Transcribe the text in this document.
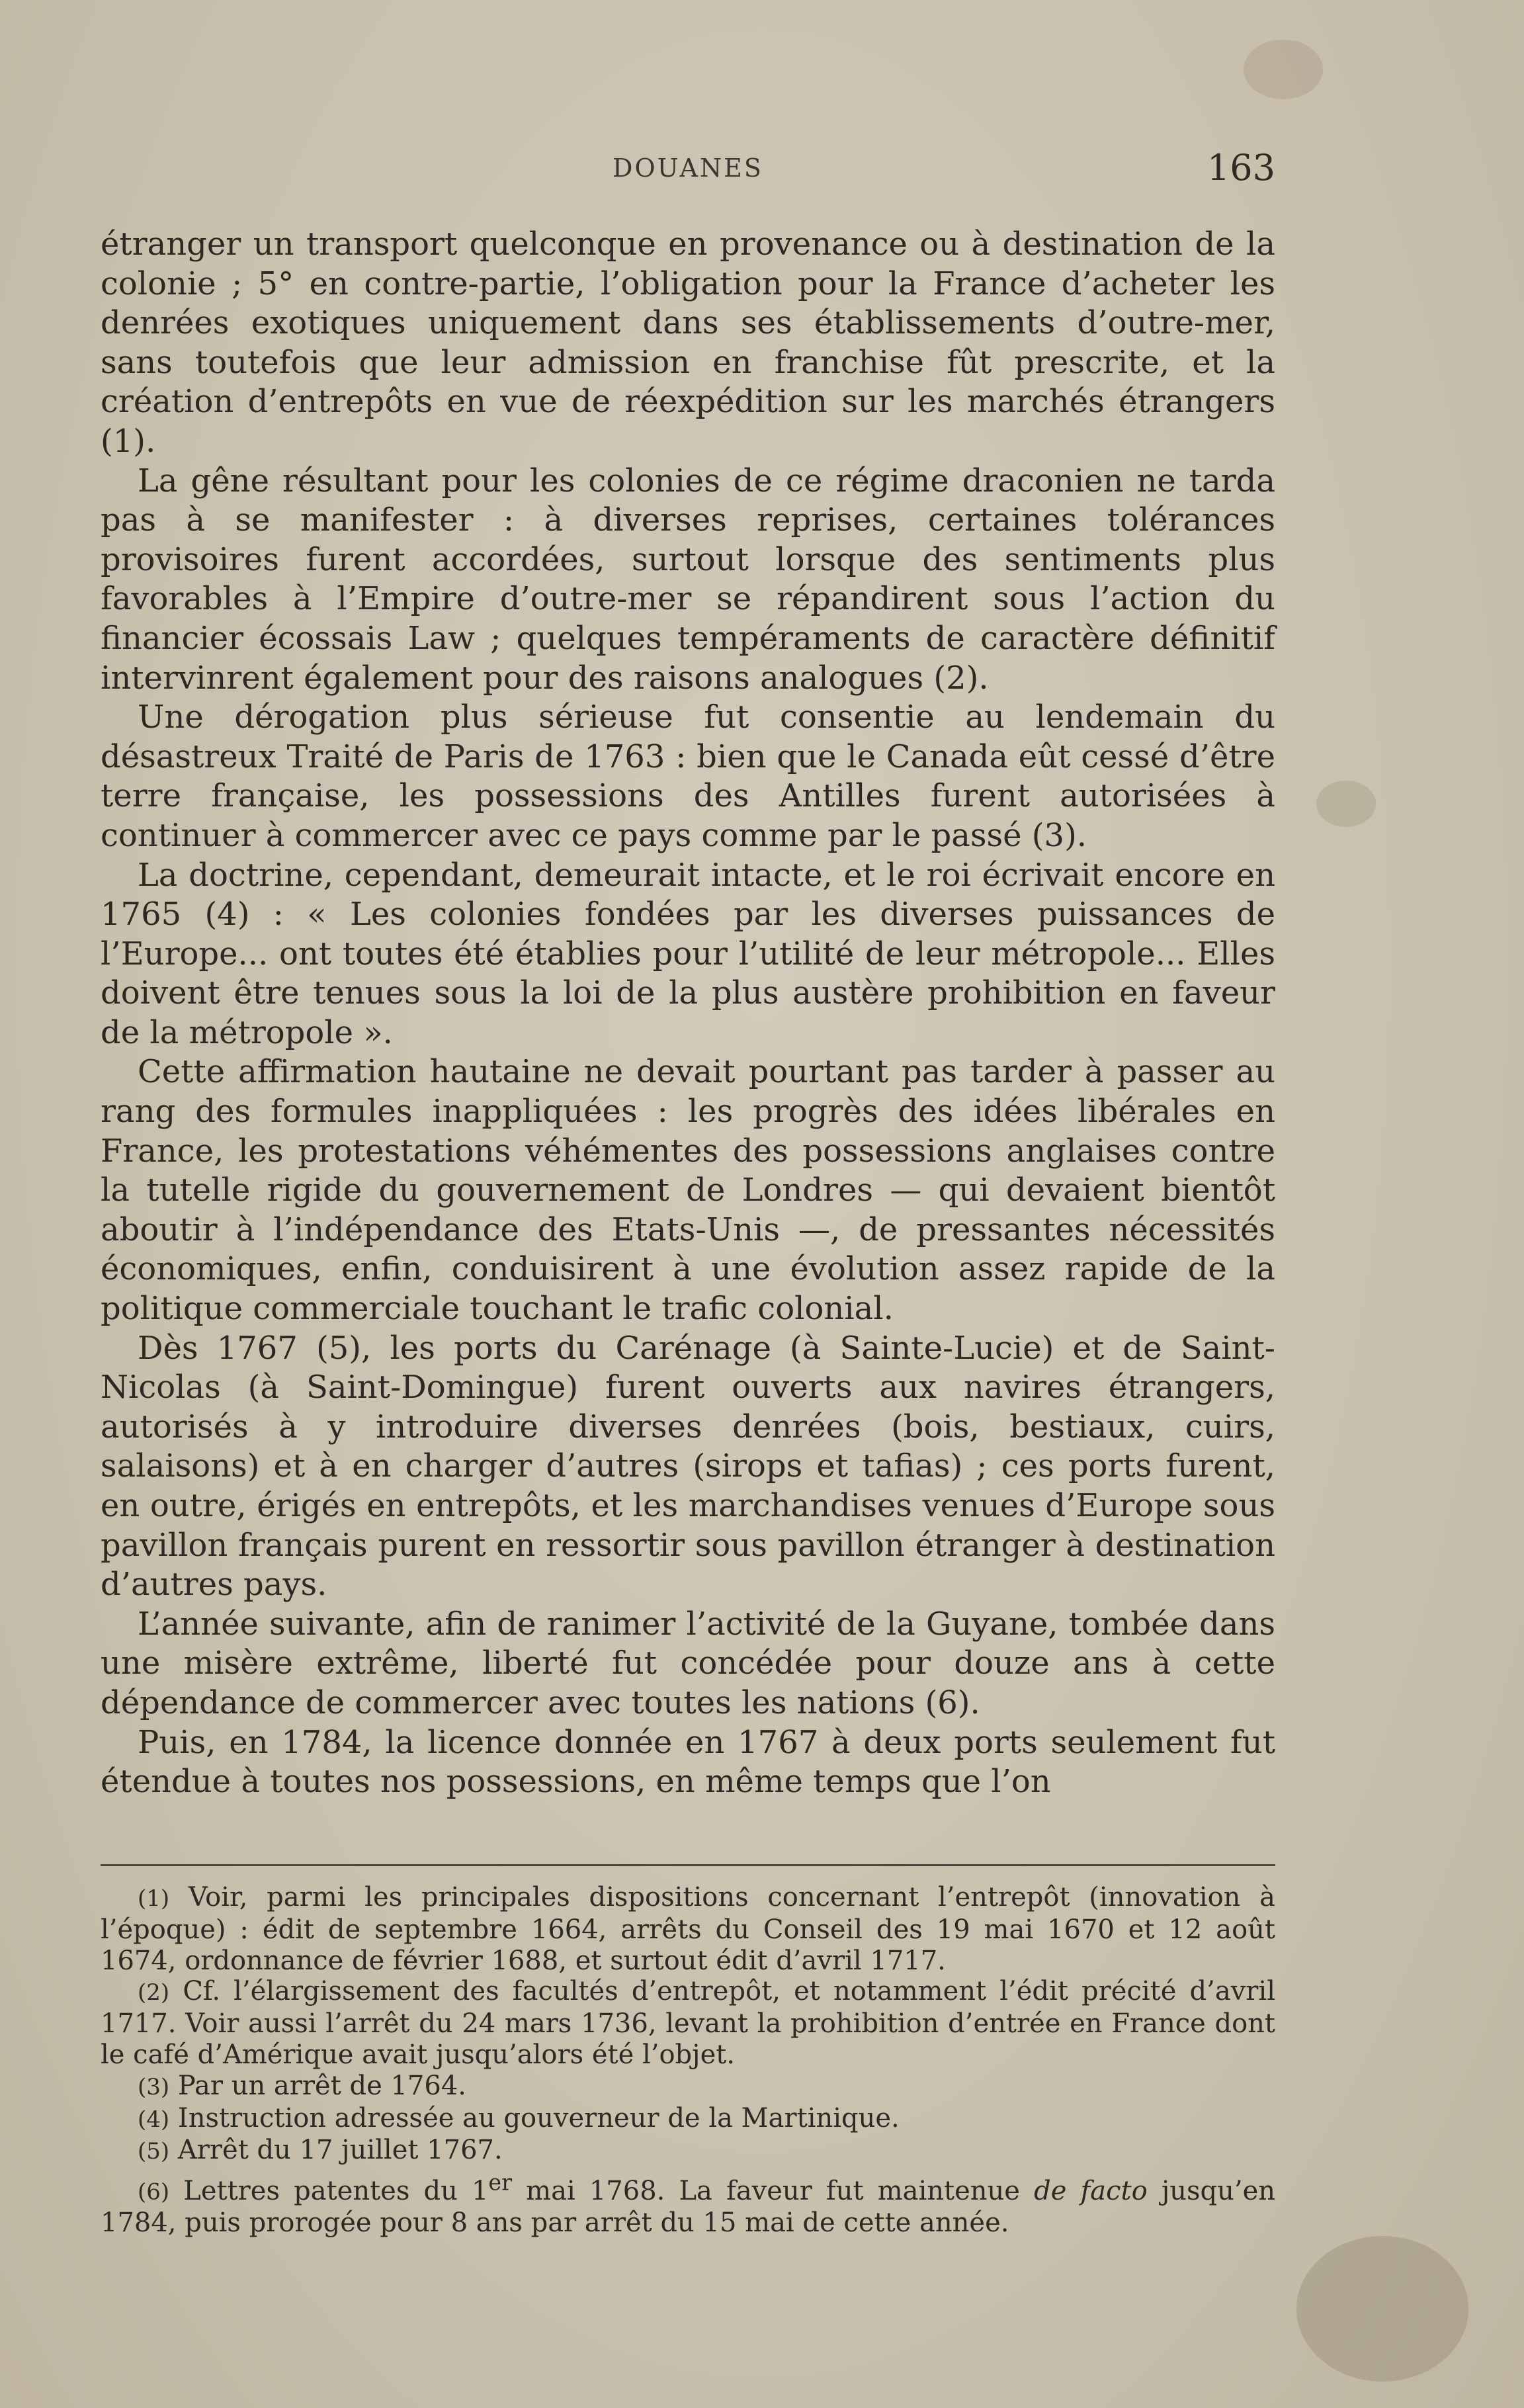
DOUANES	163

étranger un transport quelconque en provenance ou à destination de la colonie ; 5° en contre-partie, l’obligation pour la France d’acheter les denrées exotiques uniquement dans ses établissements d’outre-mer, sans toutefois que leur admission en franchise fût prescrite, et la création d’entrepôts en vue de réexpédition sur les marchés étrangers (1).

La gêne résultant pour les colonies de ce régime draconien ne tarda pas à se manifester : à diverses reprises, certaines tolérances provisoires furent accordées, surtout lorsque des sentiments plus favorables à l’Empire d’outre-mer se répandirent sous l’action du financier écossais Law ; quelques tempéraments de caractère définitif intervinrent également pour des raisons analogues (2).

Une dérogation plus sérieuse fut consentie au lendemain du désastreux Traité de Paris de 1763 : bien que le Canada eût cessé d’être terre française, les possessions des Antilles furent autorisées à continuer à commercer avec ce pays comme par le passé (3).

La doctrine, cependant, demeurait intacte, et le roi écrivait encore en 1765 (4) : « Les colonies fondées par les diverses puissances de l’Europe... ont toutes été établies pour l’utilité de leur métropole... Elles doivent être tenues sous la loi de la plus austère prohibition en faveur de la métropole ».

Cette affirmation hautaine ne devait pourtant pas tarder à passer au rang des formules inappliquées : les progrès des idées libérales en France, les protestations véhémentes des possessions anglaises contre la tutelle rigide du gouvernement de Londres — qui devaient bientôt aboutir à l’indépendance des Etats-Unis —, de pressantes nécessités économiques, enfin, conduisirent à une évolution assez rapide de la politique commerciale touchant le trafic colonial.

Dès 1767 (5), les ports du Carénage (à Sainte-Lucie) et de Saint-Nicolas (à Saint-Domingue) furent ouverts aux navires étrangers, autorisés à y introduire diverses denrées (bois, bestiaux, cuirs, salaisons) et à en charger d’autres (sirops et tafias) ; ces ports furent, en outre, érigés en entrepôts, et les marchandises venues d’Europe sous pavillon français purent en ressortir sous pavillon étranger à destination d’autres pays.

L’année suivante, afin de ranimer l’activité de la Guyane, tombée dans une misère extrême, liberté fut concédée pour douze ans à cette dépendance de commercer avec toutes les nations (6).

Puis, en 1784, la licence donnée en 1767 à deux ports seulement fut étendue à toutes nos possessions, en même temps que l’on

(1) Voir, parmi les principales dispositions concernant l’entrepôt (innovation à l’époque) : édit de septembre 1664, arrêts du Conseil des 19 mai 1670 et 12 août 1674, ordonnance de février 1688, et surtout édit d’avril 1717.

(2) Cf. l’élargissement des facultés d’entrepôt, et notamment l’édit précité d’avril 1717. Voir aussi l’arrêt du 24 mars 1736, levant la prohibition d’entrée en France dont le café d’Amérique avait jusqu’alors été l’objet.

(3) Par un arrêt de 1764.

(4) Instruction adressée au gouverneur de la Martinique.

(5) Arrêt du 17 juillet 1767.

(6) Lettres patentes du 1er mai 1768. La faveur fut maintenue de facto jusqu’en 1784, puis prorogée pour 8 ans par arrêt du 15 mai de cette année.
